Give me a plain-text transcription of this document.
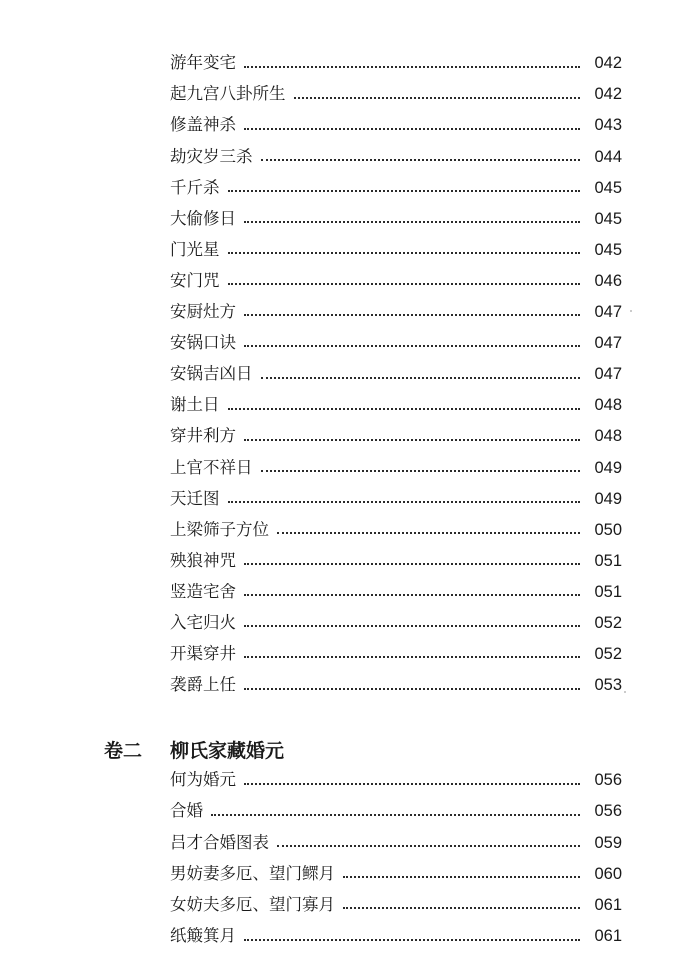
游年变宅	042
起九宫八卦所生	042
修盖神杀	043
劫灾岁三杀	044
千斤杀	045
大偷修日	045
门光星	045
安门咒	046
安厨灶方	047
安锅口诀	047
安锅吉凶日	047
谢土日	048
穿井利方	048
上官不祥日	049
天迁图	049
上梁筛子方位	050
殃狼神咒	051
竖造宅舍	051
入宅归火	052
开渠穿井	052
袭爵上任	053
卷二	柳氏家藏婚元
何为婚元	056
合婚	056
吕才合婚图表	059
男妨妻多厄、望门鳏月	060
女妨夫多厄、望门寡月	061
纸簸箕月	061
